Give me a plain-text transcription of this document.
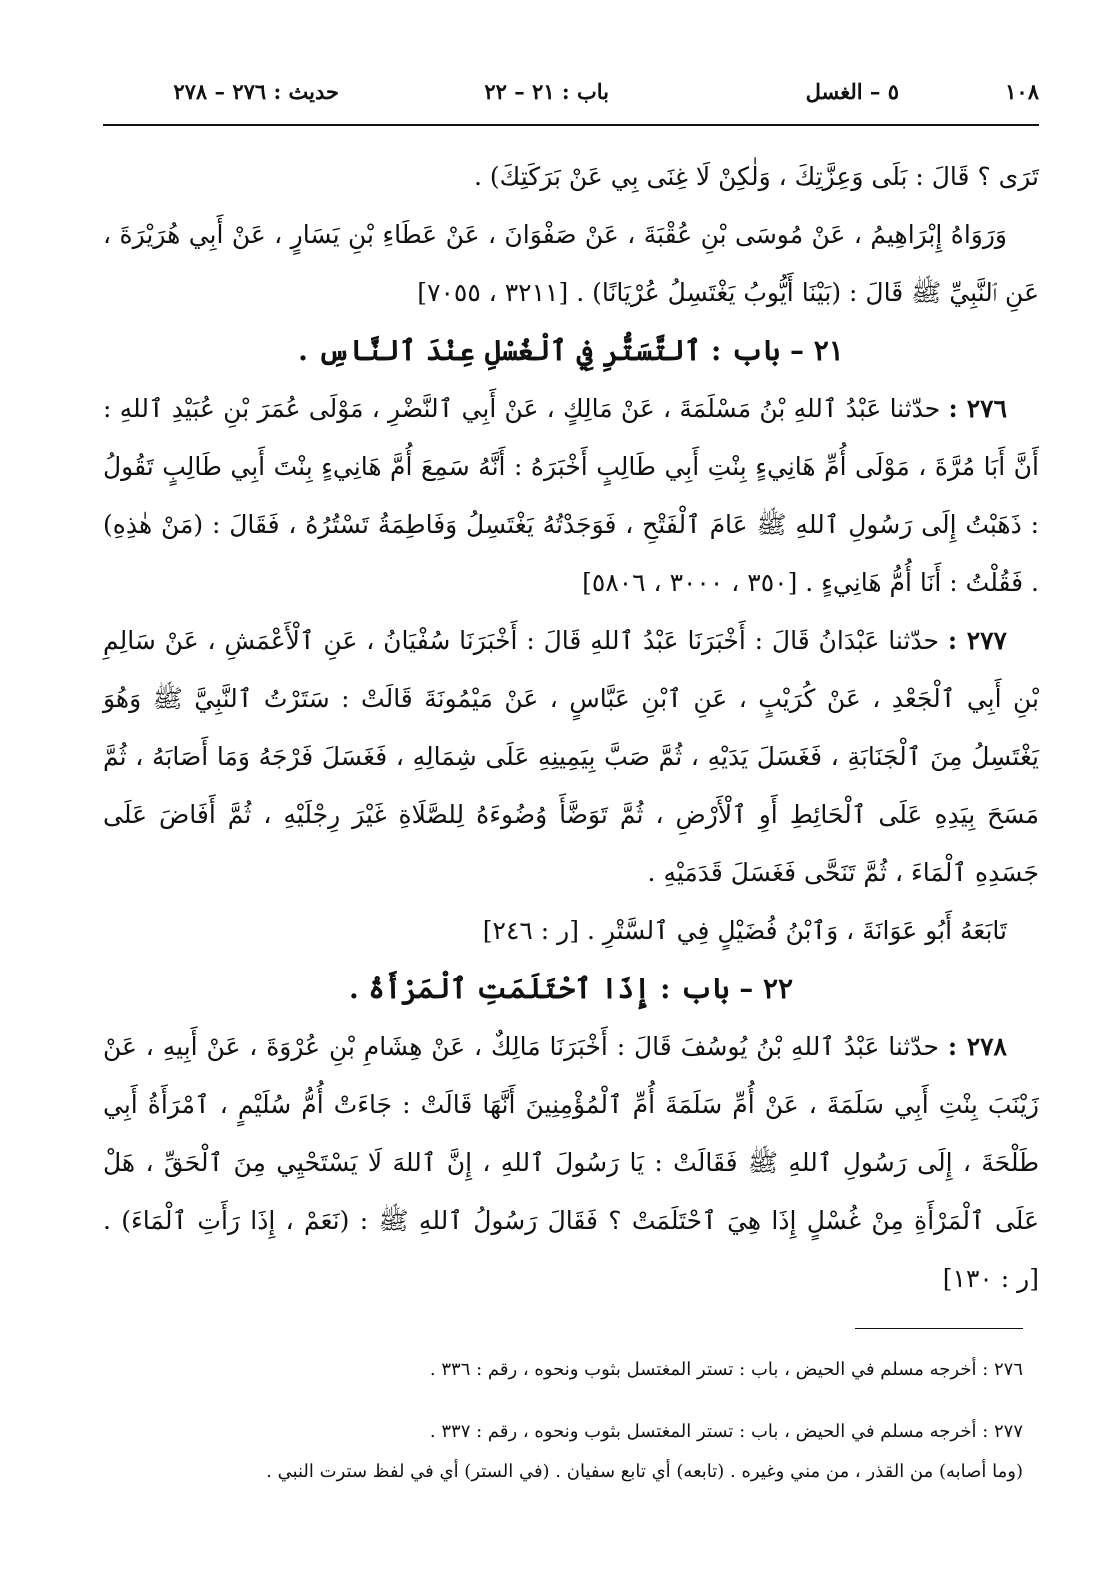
١٠٨
٥ – الغسل
باب : ٢١ – ٢٢
حديث : ٢٧٦ – ٢٧٨

تَرَى ؟ قَالَ : بَلَى وَعِزَّتِكَ ، وَلٰكِنْ لَا غِنَى بِي عَنْ بَرَكَتِكَ) .

وَرَوَاهُ إِبْرَاهِيمُ ، عَنْ مُوسَى بْنِ عُقْبَةَ ، عَنْ صَفْوَانَ ، عَنْ عَطَاءِ بْنِ يَسَارٍ ، عَنْ أَبِي هُرَيْرَةَ ، عَنِ ٱلنَّبِيِّ ﷺ قَالَ : (بَيْنَا أَيُّوبُ يَغْتَسِلُ عُرْيَانًا) . [٣٢١١ ، ٧٠٥٥]

٢١ – باب : ٱلتَّسَتُّرِ فِي ٱلْغُسْلِ عِنْدَ ٱلنَّاسِ .

٢٧٦ : حدّثنا عَبْدُ ٱللهِ بْنُ مَسْلَمَةَ ، عَنْ مَالِكٍ ، عَنْ أَبِي ٱلنَّضْرِ ، مَوْلَى عُمَرَ بْنِ عُبَيْدِ ٱللهِ : أَنَّ أَبَا مُرَّةَ ، مَوْلَى أُمِّ هَانِيءٍ بِنْتِ أَبِي طَالِبٍ أَخْبَرَهُ : أَنَّهُ سَمِعَ أُمَّ هَانِيءٍ بِنْتَ أَبِي طَالِبٍ تَقُولُ : ذَهَبْتُ إِلَى رَسُولِ ٱللهِ ﷺ عَامَ ٱلْفَتْحِ ، فَوَجَدْتُهُ يَغْتَسِلُ وَفَاطِمَةُ تَسْتُرُهُ ، فَقَالَ : (مَنْ هٰذِهِ) . فَقُلْتُ : أَنَا أُمُّ هَانِيءٍ . [٣٥٠ ، ٣٠٠٠ ، ٥٨٠٦]

٢٧٧ : حدّثنا عَبْدَانُ قَالَ : أَخْبَرَنَا عَبْدُ ٱللهِ قَالَ : أَخْبَرَنَا سُفْيَانُ ، عَنِ ٱلْأَعْمَشِ ، عَنْ سَالِمِ بْنِ أَبِي ٱلْجَعْدِ ، عَنْ كُرَيْبٍ ، عَنِ ٱبْنِ عَبَّاسٍ ، عَنْ مَيْمُونَةَ قَالَتْ : سَتَرْتُ ٱلنَّبِيَّ ﷺ وَهُوَ يَغْتَسِلُ مِنَ ٱلْجَنَابَةِ ، فَغَسَلَ يَدَيْهِ ، ثُمَّ صَبَّ بِيَمِينِهِ عَلَى شِمَالِهِ ، فَغَسَلَ فَرْجَهُ وَمَا أَصَابَهُ ، ثُمَّ مَسَحَ بِيَدِهِ عَلَى ٱلْحَائِطِ أَوِ ٱلْأَرْضِ ، ثُمَّ تَوَضَّأَ وُضُوءَهُ لِلصَّلَاةِ غَيْرَ رِجْلَيْهِ ، ثُمَّ أَفَاضَ عَلَى جَسَدِهِ ٱلْمَاءَ ، ثُمَّ تَنَحَّى فَغَسَلَ قَدَمَيْهِ .

تَابَعَهُ أَبُو عَوَانَةَ ، وَٱبْنُ فُضَيْلٍ فِي ٱلسَّتْرِ . [ر : ٢٤٦]

٢٢ – باب : إِذَا ٱحْتَلَمَتِ ٱلْمَرْأَةُ .

٢٧٨ : حدّثنا عَبْدُ ٱللهِ بْنُ يُوسُفَ قَالَ : أَخْبَرَنَا مَالِكٌ ، عَنْ هِشَامِ بْنِ عُرْوَةَ ، عَنْ أَبِيهِ ، عَنْ زَيْنَبَ بِنْتِ أَبِي سَلَمَةَ ، عَنْ أُمِّ سَلَمَةَ أُمِّ ٱلْمُؤْمِنِينَ أَنَّهَا قَالَتْ : جَاءَتْ أُمُّ سُلَيْمٍ ، ٱمْرَأَةُ أَبِي طَلْحَةَ ، إِلَى رَسُولِ ٱللهِ ﷺ فَقَالَتْ : يَا رَسُولَ ٱللهِ ، إِنَّ ٱللهَ لَا يَسْتَحْيِي مِنَ ٱلْحَقِّ ، هَلْ عَلَى ٱلْمَرْأَةِ مِنْ غُسْلٍ إِذَا هِيَ ٱحْتَلَمَتْ ؟ فَقَالَ رَسُولُ ٱللهِ ﷺ : (نَعَمْ ، إِذَا رَأَتِ ٱلْمَاءَ) . [ر : ١٣٠]

٢٧٦ : أخرجه مسلم في الحيض ، باب : تستر المغتسل بثوب ونحوه ، رقم : ٣٣٦ .

٢٧٧ : أخرجه مسلم في الحيض ، باب : تستر المغتسل بثوب ونحوه ، رقم : ٣٣٧ .

(وما أصابه) من القذر ، من مني وغيره . (تابعه) أي تابع سفيان . (في الستر) أي في لفظ سترت النبي .
